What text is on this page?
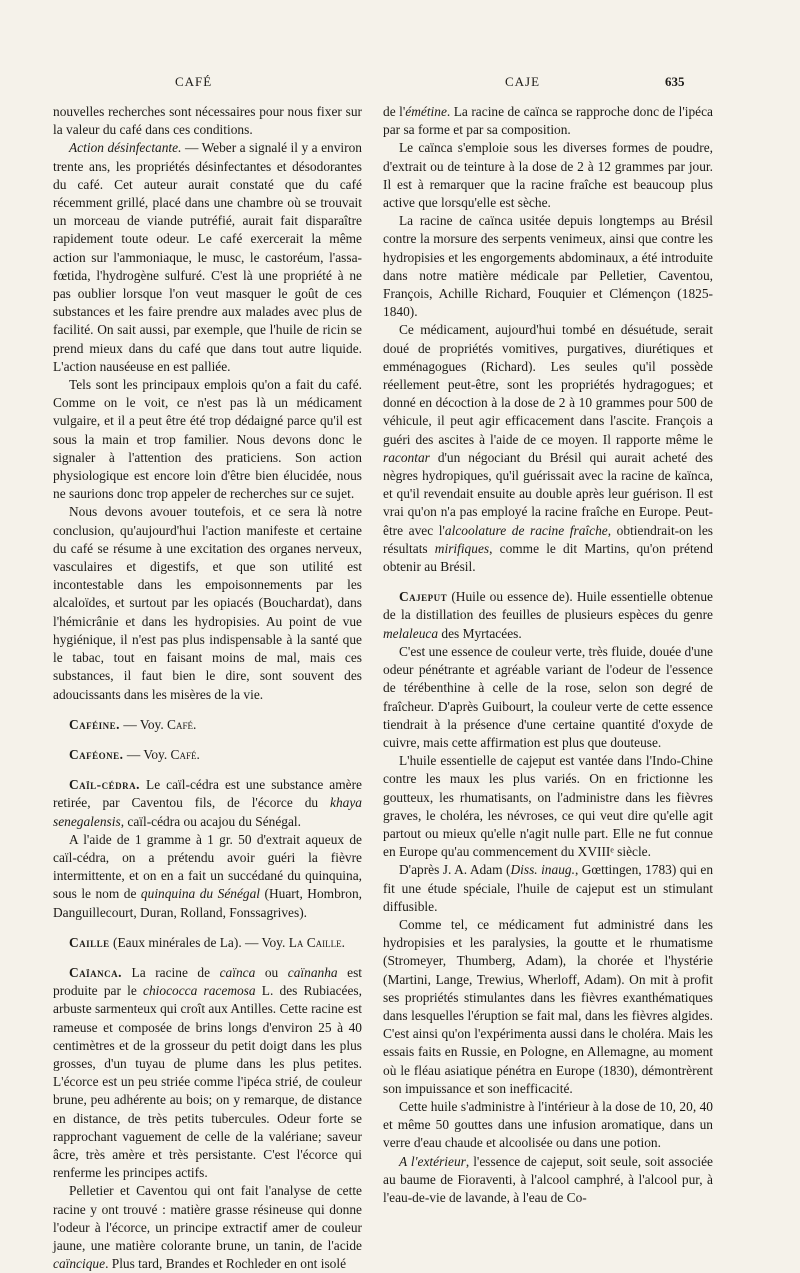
CAFÉ	CAJE	635

nouvelles recherches sont nécessaires pour nous fixer sur la valeur du café dans ces conditions.

Action désinfectante. — Weber a signalé il y a environ trente ans, les propriétés désinfectantes et désodorantes du café. Cet auteur aurait constaté que du café récemment grillé, placé dans une chambre où se trouvait un morceau de viande putréfié, aurait fait disparaître rapidement toute odeur. Le café exercerait la même action sur l'ammoniaque, le musc, le castoréum, l'assa-fœtida, l'hydrogène sulfuré. C'est là une propriété à ne pas oublier lorsque l'on veut masquer le goût de ces substances et les faire prendre aux malades avec plus de facilité. On sait aussi, par exemple, que l'huile de ricin se prend mieux dans du café que dans tout autre liquide. L'action nauséeuse en est palliée.

Tels sont les principaux emplois qu'on a fait du café. Comme on le voit, ce n'est pas là un médicament vulgaire, et il a peut être été trop dédaigné parce qu'il est sous la main et trop familier. Nous devons donc le signaler à l'attention des praticiens. Son action physiologique est encore loin d'être bien élucidée, nous ne saurions donc trop appeler de recherches sur ce sujet.

Nous devons avouer toutefois, et ce sera là notre conclusion, qu'aujourd'hui l'action manifeste et certaine du café se résume à une excitation des organes nerveux, vasculaires et digestifs, et que son utilité est incontestable dans les empoisonnements par les alcaloïdes, et surtout par les opiacés (Bouchardat), dans l'hémicrânie et dans les hydropisies. Au point de vue hygiénique, il n'est pas plus indispensable à la santé que le tabac, tout en faisant moins de mal, mais ces substances, il faut bien le dire, sont souvent des adoucissants dans les misères de la vie.

Caféine. — Voy. Café.

Caféone. — Voy. Café.

Caïl-cédra. Le caïl-cédra est une substance amère retirée, par Caventou fils, de l'écorce du khaya senegalensis, caïl-cédra ou acajou du Sénégal.

A l'aide de 1 gramme à 1 gr. 50 d'extrait aqueux de caïl-cédra, on a prétendu avoir guéri la fièvre intermittente, et on en a fait un succédané du quinquina, sous le nom de quinquina du Sénégal (Huart, Hombron, Danguillecourt, Duran, Rolland, Fonssagrives).

Caille (Eaux minérales de La). — Voy. La Caille.

Caïanca. La racine de caïnca ou caïnanha est produite par le chiococca racemosa L. des Rubiacées, arbuste sarmenteux qui croît aux Antilles. Cette racine est rameuse et composée de brins longs d'environ 25 à 40 centimètres et de la grosseur du petit doigt dans les plus grosses, d'un tuyau de plume dans les plus petites. L'écorce est un peu striée comme l'ipéca strié, de couleur brune, peu adhérente au bois; on y remarque, de distance en distance, de très petits tubercules. Odeur forte se rapprochant vaguement de celle de la valériane; saveur âcre, très amère et très persistante. C'est l'écorce qui renferme les principes actifs.

Pelletier et Caventou qui ont fait l'analyse de cette racine y ont trouvé : matière grasse résineuse qui donne l'odeur à l'écorce, un principe extractif amer de couleur jaune, une matière colorante brune, un tanin, de l'acide caïncique. Plus tard, Brandes et Rochleder en ont isolé

de l'émétine. La racine de caïnca se rapproche donc de l'ipéca par sa forme et par sa composition.

Le caïnca s'emploie sous les diverses formes de poudre, d'extrait ou de teinture à la dose de 2 à 12 grammes par jour. Il est à remarquer que la racine fraîche est beaucoup plus active que lorsqu'elle est sèche.

La racine de caïnca usitée depuis longtemps au Brésil contre la morsure des serpents venimeux, ainsi que contre les hydropisies et les engorgements abdominaux, a été introduite dans notre matière médicale par Pelletier, Caventou, François, Achille Richard, Fouquier et Clémençon (1825-1840).

Ce médicament, aujourd'hui tombé en désuétude, serait doué de propriétés vomitives, purgatives, diurétiques et emménagogues (Richard). Les seules qu'il possède réellement peut-être, sont les propriétés hydragogues; et donné en décoction à la dose de 2 à 10 grammes pour 500 de véhicule, il peut agir efficacement dans l'ascite. François a guéri des ascites à l'aide de ce moyen. Il rapporte même le racontar d'un négociant du Brésil qui aurait acheté des nègres hydropiques, qu'il guérissait avec la racine de kaïnca, et qu'il revendait ensuite au double après leur guérison. Il est vrai qu'on n'a pas employé la racine fraîche en Europe. Peut-être avec l'alcoolature de racine fraîche, obtiendrait-on les résultats mirifiques, comme le dit Martins, qu'on prétend obtenir au Brésil.

Cajeput (Huile ou essence de). Huile essentielle obtenue de la distillation des feuilles de plusieurs espèces du genre melaleuca des Myrtacées.

C'est une essence de couleur verte, très fluide, douée d'une odeur pénétrante et agréable variant de l'odeur de l'essence de térébenthine à celle de la rose, selon son degré de fraîcheur. D'après Guibourt, la couleur verte de cette essence tiendrait à la présence d'une certaine quantité d'oxyde de cuivre, mais cette affirmation est plus que douteuse.

L'huile essentielle de cajeput est vantée dans l'Indo-Chine contre les maux les plus variés. On en frictionne les goutteux, les rhumatisants, on l'administre dans les fièvres graves, le choléra, les névroses, ce qui veut dire qu'elle agit partout ou mieux qu'elle n'agit nulle part. Elle ne fut connue en Europe qu'au commencement du XVIIIᵉ siècle.

D'après J. A. Adam (Diss. inaug., Gœttingen, 1783) qui en fit une étude spéciale, l'huile de cajeput est un stimulant diffusible.

Comme tel, ce médicament fut administré dans les hydropisies et les paralysies, la goutte et le rhumatisme (Stromeyer, Thumberg, Adam), la chorée et l'hystérie (Martini, Lange, Trewius, Wherloff, Adam). On mit à profit ses propriétés stimulantes dans les fièvres exanthématiques dans lesquelles l'éruption se fait mal, dans les fièvres algides. C'est ainsi qu'on l'expérimenta aussi dans le choléra. Mais les essais faits en Russie, en Pologne, en Allemagne, au moment où le fléau asiatique pénétra en Europe (1830), démontrèrent son impuissance et son inefficacité.

Cette huile s'administre à l'intérieur à la dose de 10, 20, 40 et même 50 gouttes dans une infusion aromatique, dans un verre d'eau chaude et alcoolisée ou dans une potion.

A l'extérieur, l'essence de cajeput, soit seule, soit associée au baume de Fioraventi, à l'alcool camphré, à l'alcool pur, à l'eau-de-vie de lavande, à l'eau de Co-
